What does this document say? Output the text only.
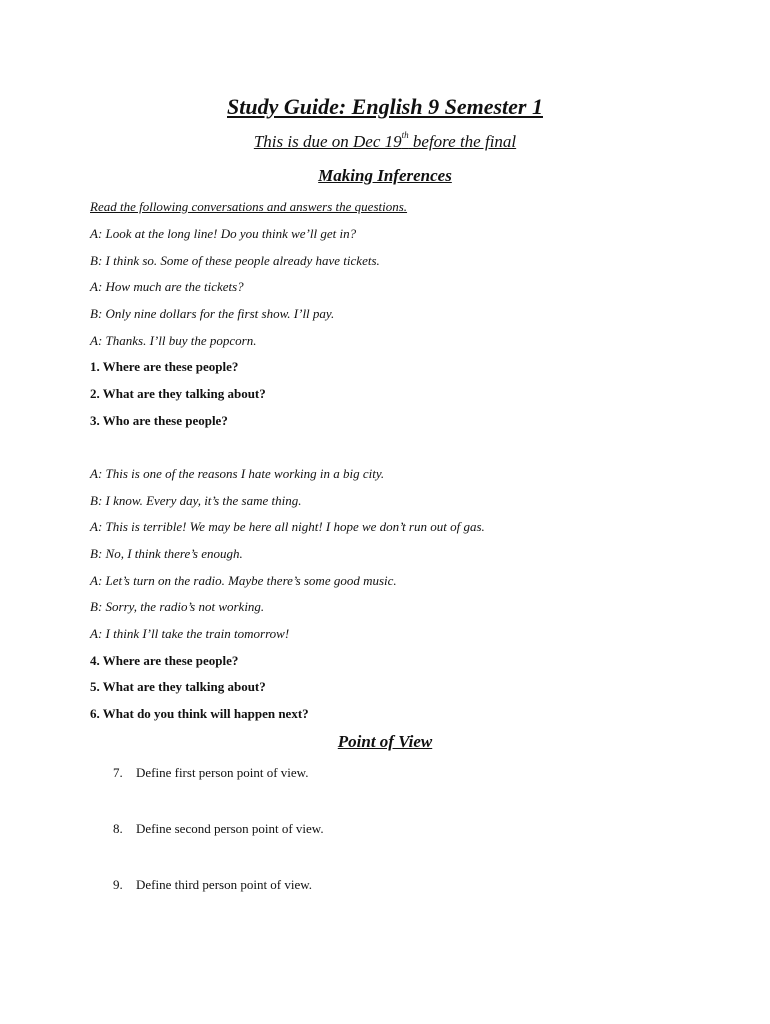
Study Guide: English 9 Semester 1
This is due on Dec 19th before the final
Making Inferences
Read the following conversations and answers the questions.
A: Look at the long line! Do you think we’ll get in?
B: I think so. Some of these people already have tickets.
A: How much are the tickets?
B: Only nine dollars for the first show. I’ll pay.
A: Thanks. I’ll buy the popcorn.
1. Where are these people?
2. What are they talking about?
3. Who are these people?
A: This is one of the reasons I hate working in a big city.
B: I know. Every day, it’s the same thing.
A: This is terrible! We may be here all night! I hope we don’t run out of gas.
B: No, I think there’s enough.
A: Let’s turn on the radio. Maybe there’s some good music.
B: Sorry, the radio’s not working.
A: I think I’ll take the train tomorrow!
4. Where are these people?
5. What are they talking about?
6. What do you think will happen next?
Point of View
7. Define first person point of view.
8. Define second person point of view.
9. Define third person point of view.
